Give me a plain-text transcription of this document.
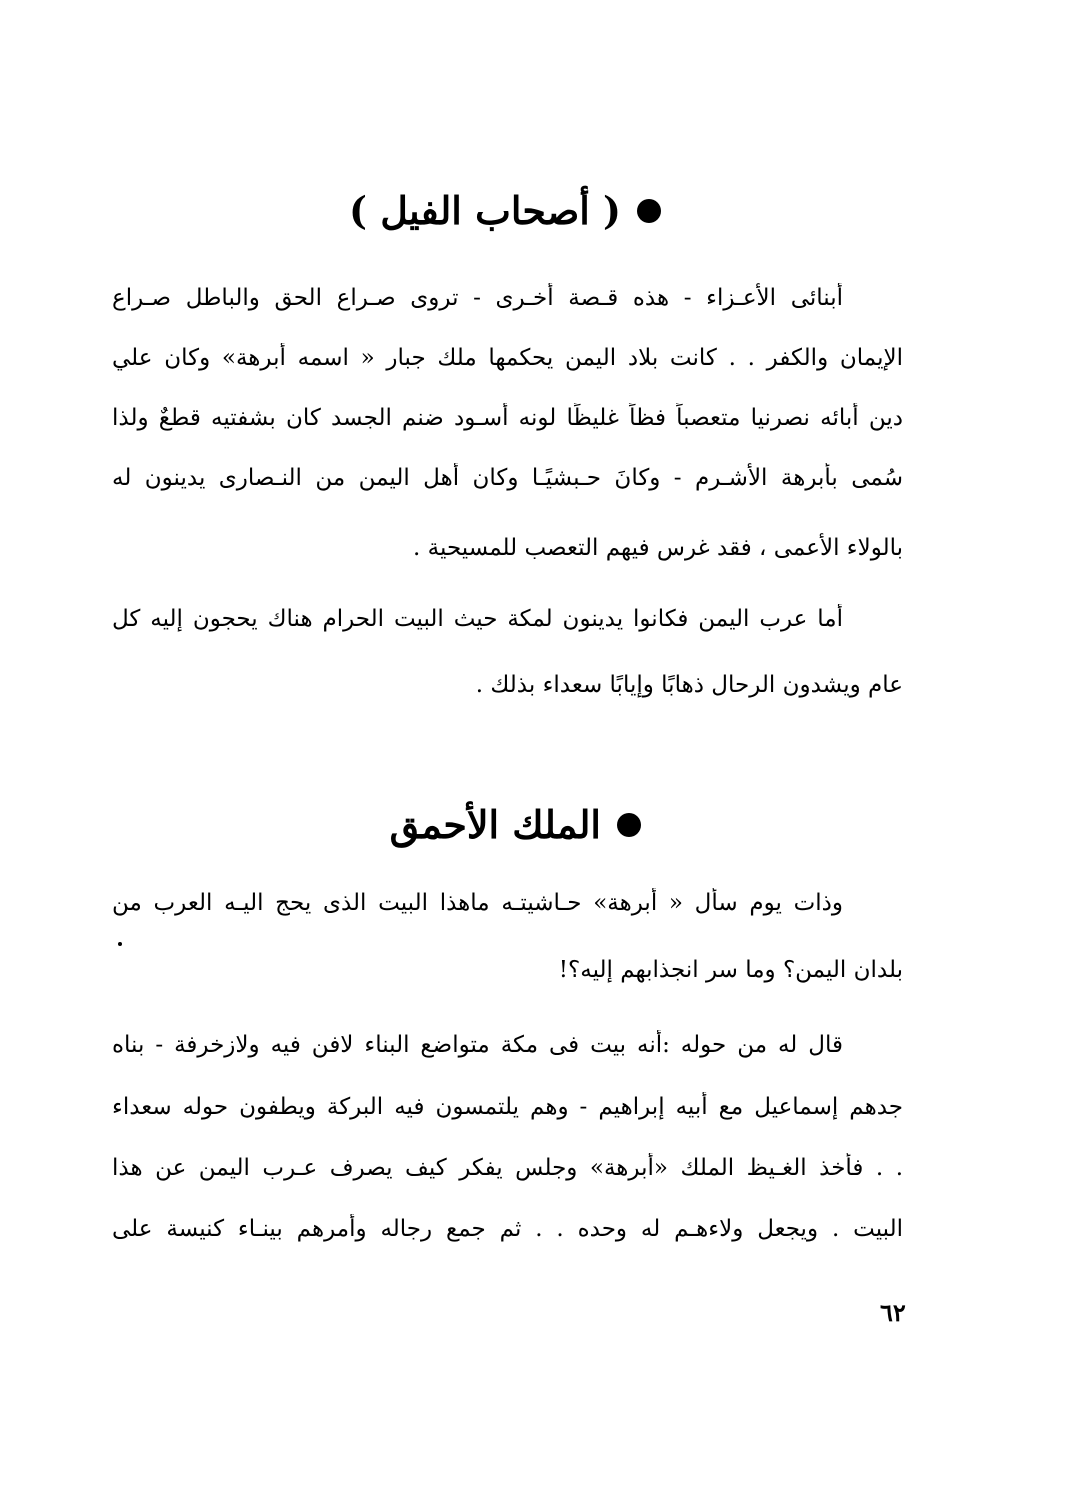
( أصحاب الفيل )
أبنائى الأعـزاء - هذه قـصة أخـرى - تروى صـراع الحق والباطل صـراع
الإيمان والكفر . . كانت بلاد اليمن يحكمها ملك جبار « اسمه أبرهة» وكان علي
دين أبائه نصرنيا متعصباً فظاً غليظًا لونه أسـود ضنم الجسد كان بشفتيه قطعٌ ولذا
سُمى بأبرهة الأشـرم - وكانَ حـبشيًـا وكان أهل اليمن من النـصارى يدينون له
بالولاء الأعمى ، فقد غرس فيهم التعصب للمسيحية .
أما عرب اليمن فكانوا يدينون لمكة حيث البيت الحرام هناك يحجون إليه كل
عام ويشدون الرحال ذهابًا وإيابًا سعداء بذلك .
الملك الأحمق
وذات يوم سأل « أبرهة» حـاشيتـه ماهذا البيت الذى يحج اليـه العرب من
بلدان اليمن؟ وما سر انجذابهم إليه؟!
قال له من حوله :أنه بيت فى مكة متواضع البناء لافن فيه ولازخرفة - بناه
جدهم إسماعيل مع أبيه إبراهيم - وهم يلتمسون فيه البركة ويطفون حوله سعداء
. . فأخذ الغـيظ الملك «أبرهة» وجلس يفكر كيف يصرف عـرب اليمن عن هذا
البيت . ويجعل ولاءهـم له وحده . . ثم جمع رجاله وأمرهم بينـاء كنيسة على
٦٢
